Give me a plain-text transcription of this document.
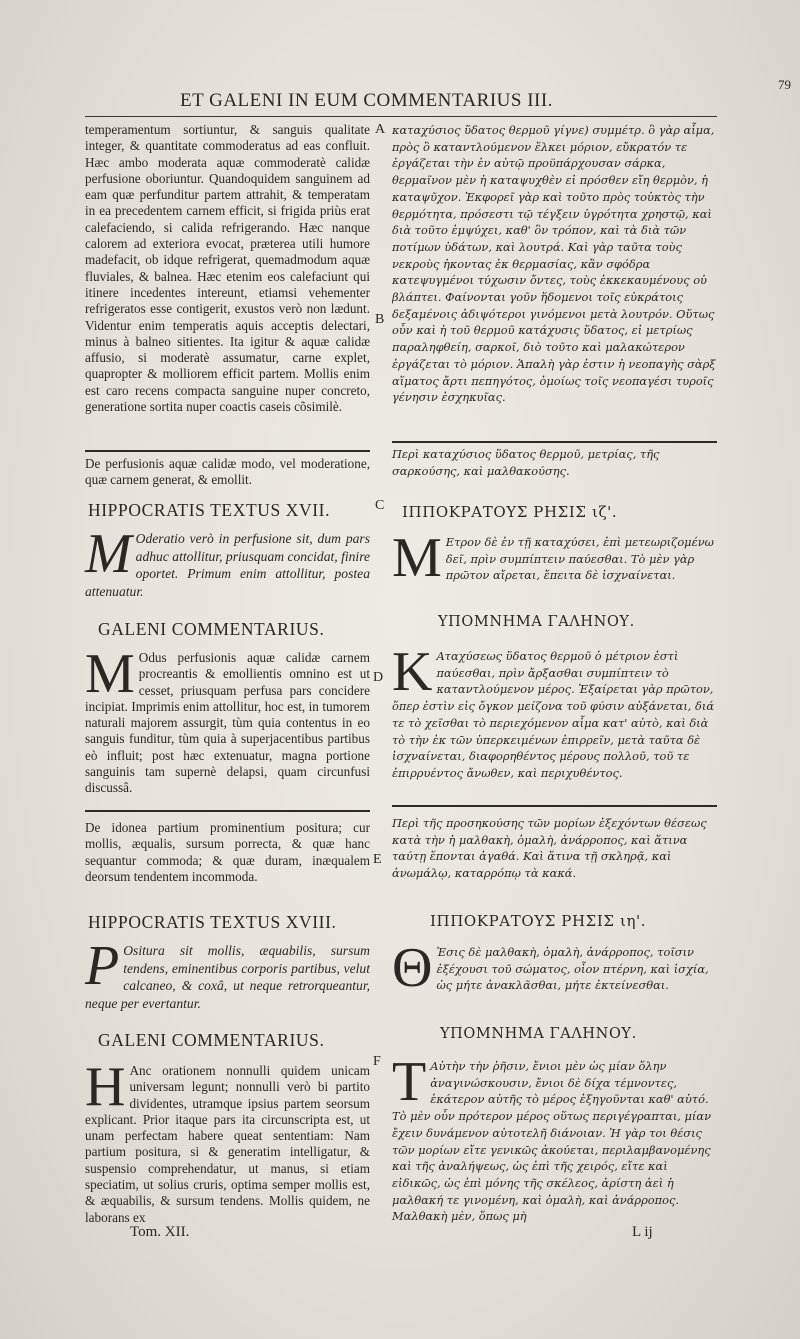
ET GALENI IN EUM COMMENTARIUS III.
79
A
B
C
D
E
F

temperamentum sortiuntur, & sanguis qualitate integer, & quantitate commoderatus ad eas confluit. Hæc ambo moderata aquæ commoderatè calidæ perfusione oboriuntur. Quandoquidem sanguinem ad eam quæ perfunditur partem attrahit, & temperatam in ea precedentem carnem efficit, si frigida priùs erat calefaciendo, si calida refrigerando. Hæc nanque calorem ad exteriora evocat, præterea utili humore madefacit, ob idque refrigerat, quemadmodum aquæ fluviales, & balnea. Hæc etenim eos calefaciunt qui itinere incedentes intereunt, etiamsi vehementer refrigeratos esse contigerit, exustos verò non lædunt. Videntur enim temperatis aquis acceptis delectari, minus à balneo sitientes. Ita igitur & aquæ calidæ affusio, si moderatè assumatur, carne explet, quapropter & molliorem efficit partem. Mollis enim est caro recens compacta sanguine nuper concreto, generatione sortita nuper coactis caseis cõsimilè.

De perfusionis aquæ calidæ modo, vel moderatione, quæ carnem generat, & emollit.

HIPPOCRATIS TEXTUS XVII.
M Oderatio verò in perfusione sit, dum pars adhuc attollitur, priusquam concidat, finire oportet. Primum enim attollitur, postea attenuatur.
GALENI COMMENTARIUS.
M Odus perfusionis aquæ calidæ carnem procreantis & emollientis omnino est ut cesset, priusquam perfusa pars concidere incipiat. Imprimis enim attollitur, hoc est, in tumorem naturali majorem assurgit, tùm quia contentus in eo sanguis funditur, tùm quia à superjacentibus partibus eò influit; post hæc extenuatur, magna portione sanguinis tam supernè delapsi, quam circunfusi discussâ.

De idonea partium prominentium positura; cur mollis, æqualis, sursum porrecta, & quæ hanc sequantur commoda; & quæ duram, inæqualem deorsum tendentem incommoda.

HIPPOCRATIS TEXTUS XVIII.
P Ositura sit mollis, æquabilis, sursum tendens, eminentibus corporis partibus, velut calcaneo, & coxâ, ut neque retrorqueantur, neque per evertantur.
GALENI COMMENTARIUS.
H Anc orationem nonnulli quidem unicam universam legunt; nonnulli verò bi partito dividentes, utramque ipsius partem seorsum explicant. Prior itaque pars ita circunscripta est, ut unam perfectam habere queat sententiam: Nam partium positura, si & generatim intelligatur, & suspensio comprehendatur, ut manus, si etiam speciatim, ut solius cruris, optima semper mollis est, & æquabilis, & sursum tendens. Mollis quidem, ne laborans ex
Tom. XII.

καταχύσιος ὕδατος θερμοῦ γίγνε) συμμέτρ. ὃ γὰρ αἷμα, πρὸς ὃ καταντλούμενον ἕλκει μόριον, εὔκρατόν τε ἐργάζεται τὴν ἐν αὐτῷ προϋπάρχουσαν σάρκα, θερμαῖνον μὲν ἡ καταψυχθὲν εἰ πρόσθεν εἴη θερμὸν, ἡ καταψῦχον. Ἐκφορεῖ γὰρ καὶ τοῦτο πρὸς τοὐκτὸς τὴν θερμότητα, πρόσεστι τῷ τέγξειν ὑγρότητα χρηστῷ, καὶ διὰ τοῦτο ἐμψύχει, καθ' ὃν τρόπον, καὶ τὰ διὰ τῶν ποτίμων ὑδάτων, καὶ λουτρά. Καὶ γὰρ ταῦτα τοὺς νεκροὺς ἠκοντας ἐκ θερμασίας, κἂν σφόδρα κατεψυγμένοι τύχωσιν ὄντες, τοὺς ἐκκεκαυμένους οὐ βλάπτει. Φαίνονται γοῦν ἥδομενοι τοῖς εὐκράτοις δεξαμένοις ἀδιψότεροι γινόμενοι μετὰ λουτρόν. Οὕτως οὖν καὶ ἡ τοῦ θερμοῦ κατάχυσις ὕδατος, εἰ μετρίως παραληφθείη, σαρκοῖ, διὸ τοῦτο καὶ μαλακώτερον ἐργάζεται τὸ μόριον. Ἁπαλὴ γὰρ ἐστιν ἡ νεοπαγὴς σὰρξ αἵματος ἄρτι πεπηγότος, ὁμοίως τοῖς νεοπαγέσι τυροῖς γένησιν ἐσχηκυῖας.

Περὶ καταχύσιος ὕδατος θερμοῦ, μετρίας, τῆς σαρκούσης, καὶ μαλθακούσης.

ΙΠΠΟΚΡΑΤΟΥΣ ΡΗΣΙΣ ιζ'.
Μ Ετρον δὲ ἐν τῇ καταχύσει, ἐπὶ μετεωριζομένω δεῖ, πρὶν συμπίπτειν παύεσθαι. Τὸ μὲν γὰρ πρῶτον αἴρεται, ἔπειτα δὲ ἰσχναίνεται.
ΥΠΟΜΝΗΜΑ ΓΑΛΗΝΟΥ.
Κ Αταχύσεως ὕδατος θερμοῦ ὁ μέτριον ἐστὶ παύεσθαι, πρὶν ἄρξασθαι συμπίπτειν τὸ καταντλούμενον μέρος. Ἐξαίρεται γὰρ πρῶτον, ὅπερ ἐστὶν εἰς ὄγκον μείζονα τοῦ φύσιν αὐξάνεται, διά τε τὸ χεῖσθαι τὸ περιεχόμενον αἷμα κατ' αὐτὸ, καὶ διὰ τὸ τὴν ἐκ τῶν ὑπερκειμένων ἐπιρρεῖν, μετὰ ταῦτα δὲ ἰσχναίνεται, διαφορηθέντος μέρους πολλοῦ, τοῦ τε ἐπιρρυέντος ἄνωθεν, καὶ περιχυθέντος.

Περὶ τῆς προσηκούσης τῶν μορίων ἐξεχόντων θέσεως κατὰ τὴν ἡ μαλθακὴ, ὁμαλὴ, ἀνάρροπος, καὶ ἅτινα ταύτῃ ἕπονται ἀγαθά. Καὶ ἅτινα τῇ σκληρᾷ, καὶ ἀνωμάλῳ, καταρρόπῳ τὰ κακά.

ΙΠΠΟΚΡΑΤΟΥΣ ΡΗΣΙΣ ιη'.
Θ Ἐσις δὲ μαλθακὴ, ὁμαλὴ, ἀνάρροπος, τοῖσιν ἐξέχουσι τοῦ σώματος, οἷον πτέρνη, καὶ ἰσχία, ὡς μήτε ἀνακλᾶσθαι, μήτε ἐκτείνεσθαι.
ΥΠΟΜΝΗΜΑ ΓΑΛΗΝΟΥ.
Τ Αὐτὴν τὴν ῥῆσιν, ἔνιοι μὲν ὡς μίαν ὅλην ἀναγινώσκουσιν, ἔνιοι δὲ δίχα τέμνοντες, ἑκάτερον αὐτῆς τὸ μέρος ἐξηγοῦνται καθ' αὑτό. Τὸ μὲν οὖν πρότερον μέρος οὕτως περιγέγραπται, μίαν ἔχειν δυνάμενον αὐτοτελῆ διάνοιαν. Ἡ γὰρ τοι θέσις τῶν μορίων εἴτε γενικῶς ἀκούεται, περιλαμβανομένης καὶ τῆς ἀναλήψεως, ὡς ἐπὶ τῆς χειρός, εἴτε καὶ εἰδικῶς, ὡς ἐπὶ μόνης τῆς σκέλεος, ἀρίστη ἀεὶ ἡ μαλθακή τε γινομένη, καὶ ὁμαλὴ, καὶ ἀνάρροπος. Μαλθακὴ μὲν, ὅπως μὴ
L ij
